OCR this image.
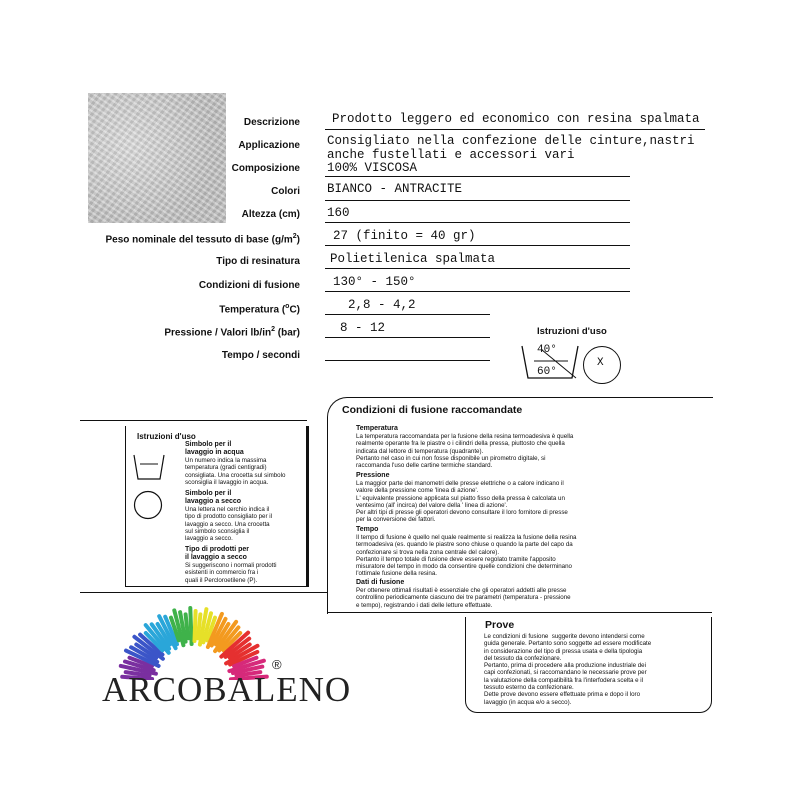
Descrizione
Applicazione
Composizione
Colori
Altezza (cm)
Peso nominale del tessuto di base $(g/m^2)$
Tipo di resinatura
Condizioni di fusione
Temperatura ($^o$C)
Pressione / Valori $lb/in^2$ (bar)
Tempo / secondi
Prodotto leggero ed economico con resina spalmata
Consigliato nella confezione delle cinture,nastri
anche fustellati e accessori vari
100% VISCOSA
BIANCO - ANTRACITE
160
27 (finito = 40 gr)
Polietilenica spalmata
130° - 150°
2,8 - 4,2
8 - 12	Istruzioni d'uso
40°
60°
X
Istruzioni d'uso
Simbolo per il
lavaggio in acqua
Un numero indica la massima
temperatura (gradi centigradi)
consigliata. Una crocetta sul simbolo
sconsiglia il lavaggio in acqua.
Simbolo per il
lavaggio a secco
Una lettera nel cerchio indica il
tipo di prodotto consigliato per il
lavaggio a secco. Una crocetta
sul simbolo sconsiglia il
lavaggio a secco.
Tipo di prodotti per
il lavaggio a secco
Si suggeriscono i normali prodotti
esistenti in commercio fra i
quali il Percloroetilene (P).
Condizioni di fusione raccomandate
Temperatura
La temperatura raccomandata per la fusione della resina termoadesiva è quella
realmente operante fra le piastre o i cilindri della pressa, piuttosto che quella
indicata dal lettore di temperatura (quadrante).
Pertanto nel caso in cui non fosse disponibile un pirometro digitale, si
raccomanda l'uso delle cartine termiche standard.
Pressione
La maggior parte dei manometri delle presse elettriche o a calore indicano il
valore della pressione come 'linea di azione'.
L' equivalente pressione applicata sul piatto fisso della pressa è calcolata un
ventesimo (all' incirca) del valore della ' linea di azione'.
Per altri tipi di presse gli operatori devono consultare il loro fornitore di presse
per la conversione dei fattori.
Tempo
Il tempo di fusione è quello nel quale realmente si realizza la fusione della resina
termoadesiva (es. quando le piastre sono chiuse o quando la parte del capo da
confezionare si trova nella zona centrale del calore).
Pertanto il tempo totale di fusione deve essere regolato tramite l'apposito
misuratore del tempo in modo da consentire quelle condizioni che determinano
l'ottimale fusione della resina.
Dati di fusione
Per ottenere ottimali risultati è essenziale che gli operatori addetti alle presse
controllino periodicamente ciascuno dei tre parametri (temperatura - pressione
e tempo), registrando i dati delle letture effettuate.
Prove
Le condizioni di fusione  suggerite devono intendersi come
guida generale. Pertanto sono soggette ad essere modificate
in considerazione del tipo di pressa usata e della tipologia
del tessuto da confezionare.
Pertanto, prima di procedere alla produzione industriale dei
capi confezionati, si raccomandano le necessarie prove per
la valutazione della compatibilità fra l'interfodera scelta e il
tessuto esterno da confezionare.
Dette prove devono essere effettuate prima e dopo il loro
lavaggio (in acqua e/o a secco).
ARCOBALENO
®
